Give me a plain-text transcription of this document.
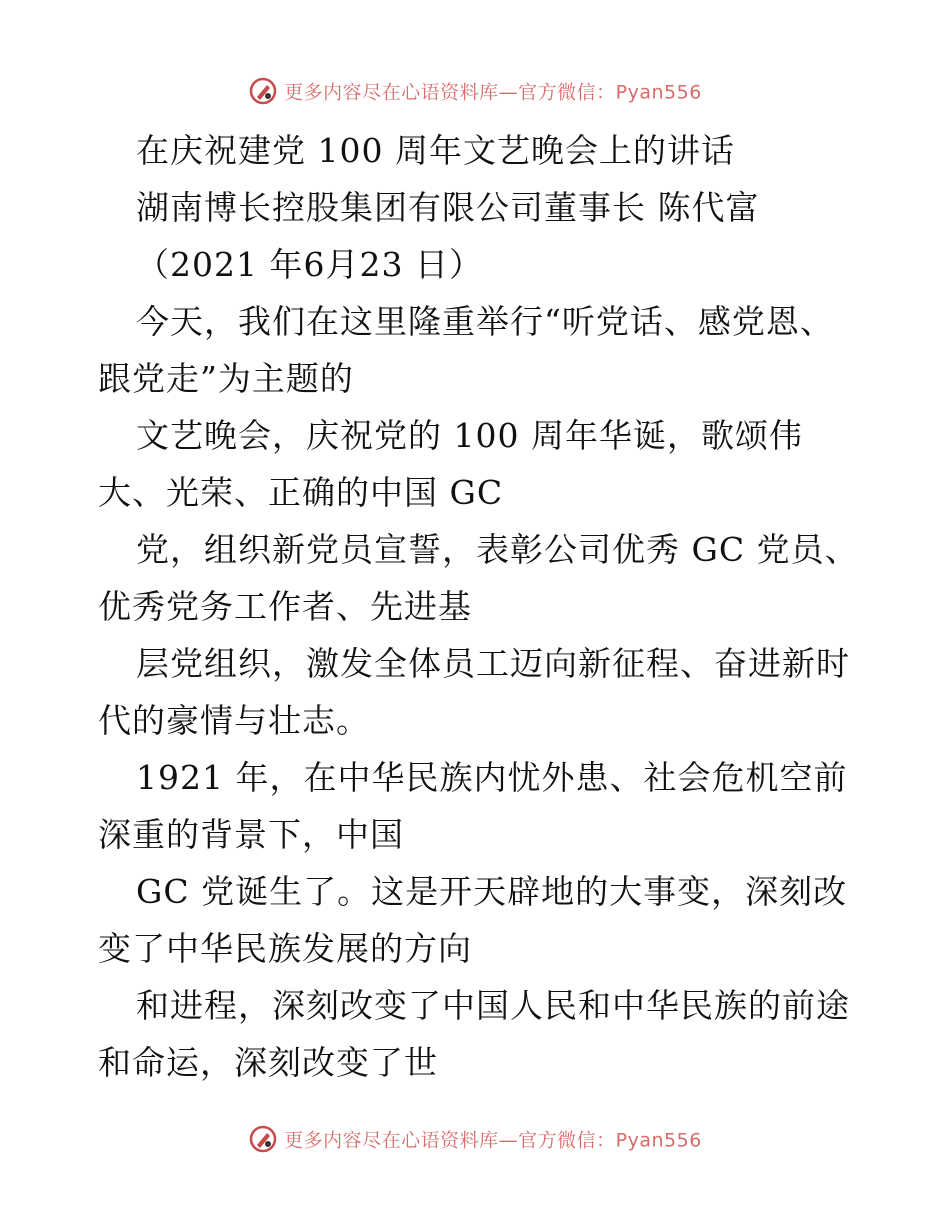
更多内容尽在心语资料库—官方微信：Pyan556
在庆祝建党 100 周年文艺晚会上的讲话
湖南博长控股集团有限公司董事长 陈代富
（2021 年6月23 日）
今天，我们在这里隆重举行“听党话、感党恩、
跟党走”为主题的
文艺晚会，庆祝党的 100 周年华诞，歌颂伟
大、光荣、正确的中国 GC
党，组织新党员宣誓，表彰公司优秀 GC 党员、
优秀党务工作者、先进基
层党组织，激发全体员工迈向新征程、奋进新时
代的豪情与壮志。
1921 年，在中华民族内忧外患、社会危机空前
深重的背景下，中国
GC 党诞生了。这是开天辟地的大事变，深刻改
变了中华民族发展的方向
和进程，深刻改变了中国人民和中华民族的前途
和命运，深刻改变了世
更多内容尽在心语资料库—官方微信：Pyan556
